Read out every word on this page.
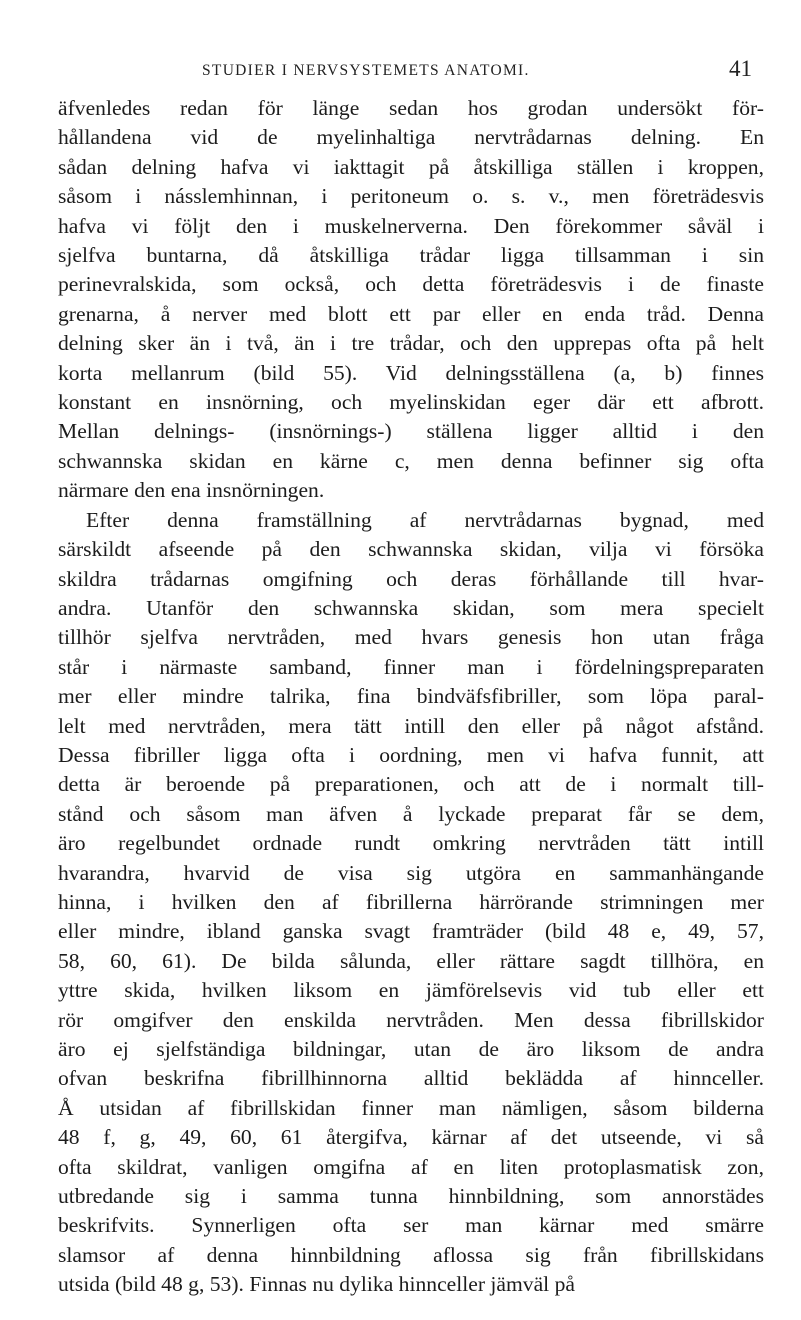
STUDIER I NERVSYSTEMETS ANATOMI.	41
äfvenledes redan för länge sedan hos grodan undersökt för-
hållandena vid de myelinhaltiga nervtrådarnas delning. En
sådan delning hafva vi iakttagit på åtskilliga ställen i kroppen,
såsom i násslemhinnan, i peritoneum o. s. v., men företrädesvis
hafva vi följt den i muskelnerverna. Den förekommer såväl i
sjelfva buntarna, då åtskilliga trådar ligga tillsamman i sin
perinevralskida, som också, och detta företrädesvis i de finaste
grenarna, å nerver med blott ett par eller en enda tråd. Denna
delning sker än i två, än i tre trådar, och den upprepas ofta på helt
korta mellanrum (bild 55). Vid delningsställena (a, b) finnes
konstant en insnörning, och myelinskidan eger där ett afbrott.
Mellan delnings- (insnörnings-) ställena ligger alltid i den
schwannska skidan en kärne c, men denna befinner sig ofta
närmare den ena insnörningen.
Efter denna framställning af nervtrådarnas bygnad, med
särskildt afseende på den schwannska skidan, vilja vi försöka
skildra trådarnas omgifning och deras förhållande till hvar-
andra. Utanför den schwannska skidan, som mera specielt
tillhör sjelfva nervtråden, med hvars genesis hon utan fråga
står i närmaste samband, finner man i fördelningspreparaten
mer eller mindre talrika, fina bindväfsfibriller, som löpa paral-
lelt med nervtråden, mera tätt intill den eller på något afstånd.
Dessa fibriller ligga ofta i oordning, men vi hafva funnit, att
detta är beroende på preparationen, och att de i normalt till-
stånd och såsom man äfven å lyckade preparat får se dem,
äro regelbundet ordnade rundt omkring nervtråden tätt intill
hvarandra, hvarvid de visa sig utgöra en sammanhängande
hinna, i hvilken den af fibrillerna härrörande strimningen mer
eller mindre, ibland ganska svagt framträder (bild 48 e, 49, 57,
58, 60, 61). De bilda sålunda, eller rättare sagdt tillhöra, en
yttre skida, hvilken liksom en jämförelsevis vid tub eller ett
rör omgifver den enskilda nervtråden. Men dessa fibrillskidor
äro ej sjelfständiga bildningar, utan de äro liksom de andra
ofvan beskrifna fibrillhinnorna alltid beklädda af hinnceller.
Å utsidan af fibrillskidan finner man nämligen, såsom bilderna
48 f, g, 49, 60, 61 återgifva, kärnar af det utseende, vi så
ofta skildrat, vanligen omgifna af en liten protoplasmatisk zon,
utbredande sig i samma tunna hinnbildning, som annorstädes
beskrifvits. Synnerligen ofta ser man kärnar med smärre
slamsor af denna hinnbildning aflossa sig från fibrillskidans
utsida (bild 48 g, 53). Finnas nu dylika hinnceller jämväl på
